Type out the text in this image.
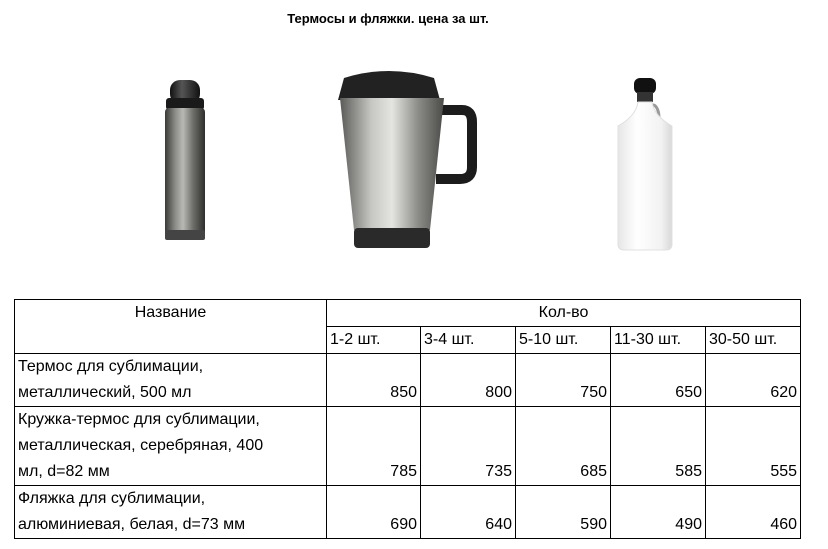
Термосы и фляжки. цена за шт.
Название	Кол-во				
	1-2 шт.	3-4 шт.	5-10 шт.	11-30 шт.	30-50 шт.

Термос для сублимации,
металлический, 500 мл	850	800	750	650	620

Кружка-термос для сублимации,
металлическая, серебряная, 400
мл, d=82 мм	785	735	685	585	555

Фляжка для сублимации,
алюминиевая, белая, d=73 мм	690	640	590	490	460
